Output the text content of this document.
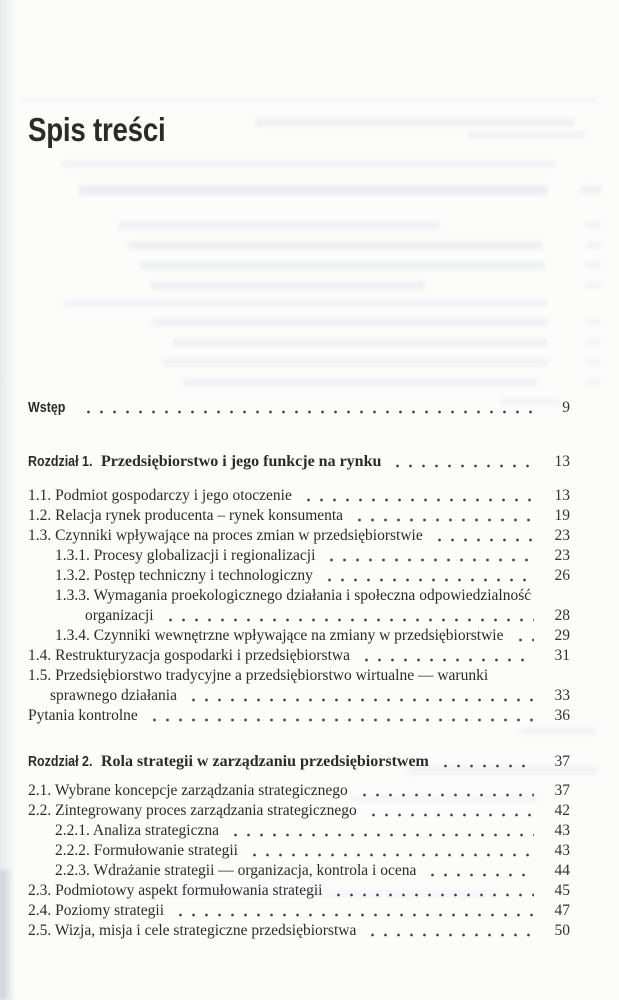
Spis treści
Wstęp	9
Rozdział 1. Przedsiębiorstwo i jego funkcje na rynku	13
1.1. Podmiot gospodarczy i jego otoczenie	13
1.2. Relacja rynek producenta – rynek konsumenta	19
1.3. Czynniki wpływające na proces zmian w przedsiębiorstwie	23
1.3.1. Procesy globalizacji i regionalizacji	23
1.3.2. Postęp techniczny i technologiczny	26
1.3.3. Wymagania proekologicznego działania i społeczna odpowiedzialność
organizacji	28
1.3.4. Czynniki wewnętrzne wpływające na zmiany w przedsiębiorstwie	29
1.4. Restrukturyzacja gospodarki i przedsiębiorstwa	31
1.5. Przedsiębiorstwo tradycyjne a przedsiębiorstwo wirtualne — warunki
sprawnego działania	33
Pytania kontrolne	36
Rozdział 2. Rola strategii w zarządzaniu przedsiębiorstwem	37
2.1. Wybrane koncepcje zarządzania strategicznego	37
2.2. Zintegrowany proces zarządzania strategicznego	42
2.2.1. Analiza strategiczna	43
2.2.2. Formułowanie strategii	43
2.2.3. Wdrażanie strategii — organizacja, kontrola i ocena	44
2.3. Podmiotowy aspekt formułowania strategii	45
2.4. Poziomy strategii	47
2.5. Wizja, misja i cele strategiczne przedsiębiorstwa	50
